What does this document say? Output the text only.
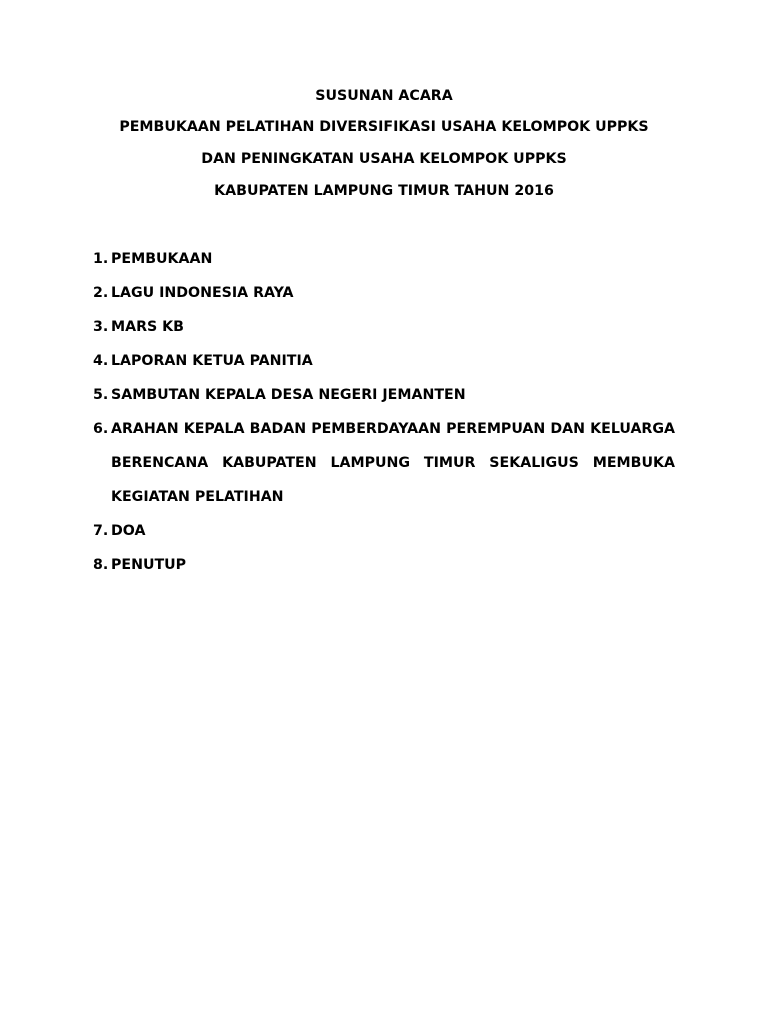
SUSUNAN ACARA
PEMBUKAAN PELATIHAN DIVERSIFIKASI USAHA KELOMPOK UPPKS
DAN PENINGKATAN USAHA KELOMPOK UPPKS
KABUPATEN LAMPUNG TIMUR TAHUN 2016
1. PEMBUKAAN
2. LAGU INDONESIA RAYA
3. MARS KB
4. LAPORAN KETUA PANITIA
5. SAMBUTAN KEPALA DESA NEGERI JEMANTEN
6. ARAHAN KEPALA BADAN PEMBERDAYAAN PEREMPUAN DAN KELUARGA BERENCANA KABUPATEN LAMPUNG TIMUR SEKALIGUS MEMBUKA KEGIATAN PELATIHAN
7. DOA
8. PENUTUP
